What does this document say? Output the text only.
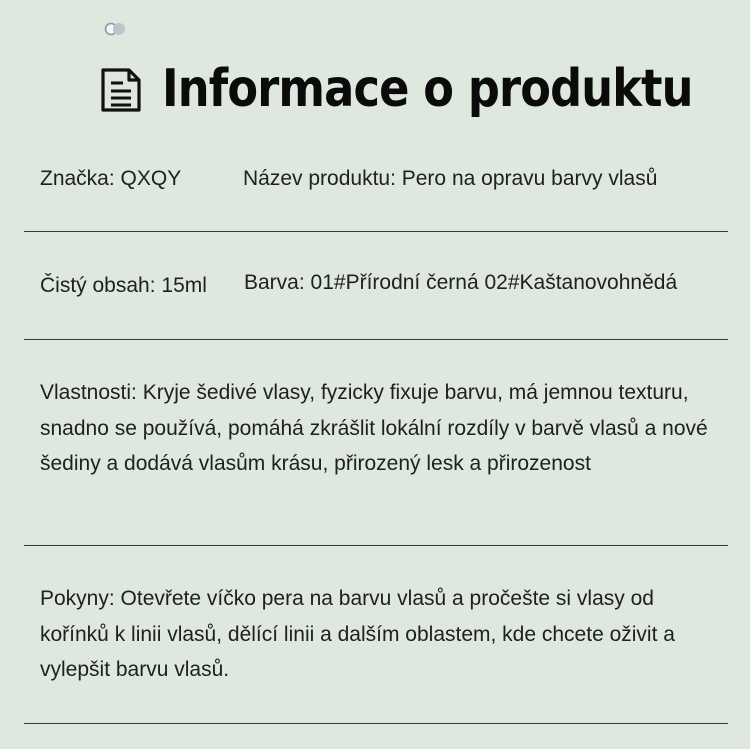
Informace o produktu
Značka: QXQY	Název produktu: Pero na opravu barvy vlasů
Čistý obsah: 15ml Barva: 01#Přírodní černá 02#Kaštanovohnědá
Vlastnosti: Kryje šedivé vlasy, fyzicky fixuje barvu, má jemnou texturu, snadno se používá, pomáhá zkrášlit lokální rozdíly v barvě vlasů a nové šediny a dodává vlasům krásu, přirozený lesk a přirozenost
Pokyny: Otevřete víčko pera na barvu vlasů a pročešte si vlasy od kořínků k linii vlasů, dělící linii a dalším oblastem, kde chcete oživit a vylepšit barvu vlasů.
